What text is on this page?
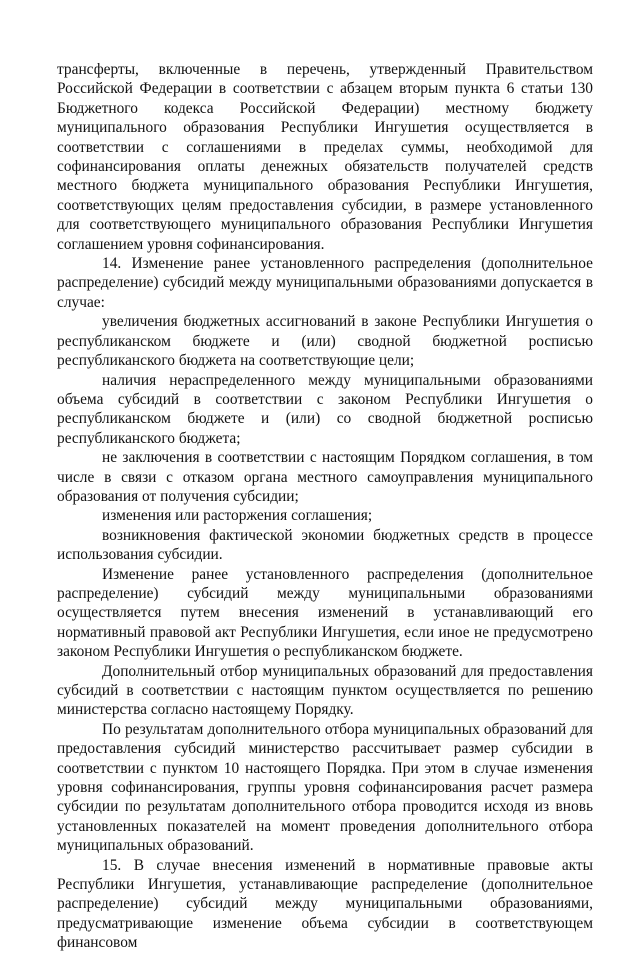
трансферты, включенные в перечень, утвержденный Правительством Российской Федерации в соответствии с абзацем вторым пункта 6 статьи 130 Бюджетного кодекса Российской Федерации) местному бюджету муниципального образования Республики Ингушетия осуществляется в соответствии с соглашениями в пределах суммы, необходимой для софинансирования оплаты денежных обязательств получателей средств местного бюджета муниципального образования Республики Ингушетия, соответствующих целям предоставления субсидии, в размере установленного для соответствующего муниципального образования Республики Ингушетия соглашением уровня софинансирования.

14. Изменение ранее установленного распределения (дополнительное распределение) субсидий между муниципальными образованиями допускается в случае:

увеличения бюджетных ассигнований в законе Республики Ингушетия о республиканском бюджете и (или) сводной бюджетной росписью республиканского бюджета на соответствующие цели;

наличия нераспределенного между муниципальными образованиями объема субсидий в соответствии с законом Республики Ингушетия о республиканском бюджете и (или) со сводной бюджетной росписью республиканского бюджета;

не заключения в соответствии с настоящим Порядком соглашения, в том числе в связи с отказом органа местного самоуправления муниципального образования от получения субсидии;

изменения или расторжения соглашения;

возникновения фактической экономии бюджетных средств в процессе использования субсидии.

Изменение ранее установленного распределения (дополнительное распределение) субсидий между муниципальными образованиями осуществляется путем внесения изменений в устанавливающий его нормативный правовой акт Республики Ингушетия, если иное не предусмотрено законом Республики Ингушетия о республиканском бюджете.

Дополнительный отбор муниципальных образований для предоставления субсидий в соответствии с настоящим пунктом осуществляется по решению министерства согласно настоящему Порядку.

По результатам дополнительного отбора муниципальных образований для предоставления субсидий министерство рассчитывает размер субсидии в соответствии с пунктом 10 настоящего Порядка. При этом в случае изменения уровня софинансирования, группы уровня софинансирования расчет размера субсидии по результатам дополнительного отбора проводится исходя из вновь установленных показателей на момент проведения дополнительного отбора муниципальных образований.

15. В случае внесения изменений в нормативные правовые акты Республики Ингушетия, устанавливающие распределение (дополнительное распределение) субсидий между муниципальными образованиями, предусматривающие изменение объема субсидии в соответствующем финансовом
